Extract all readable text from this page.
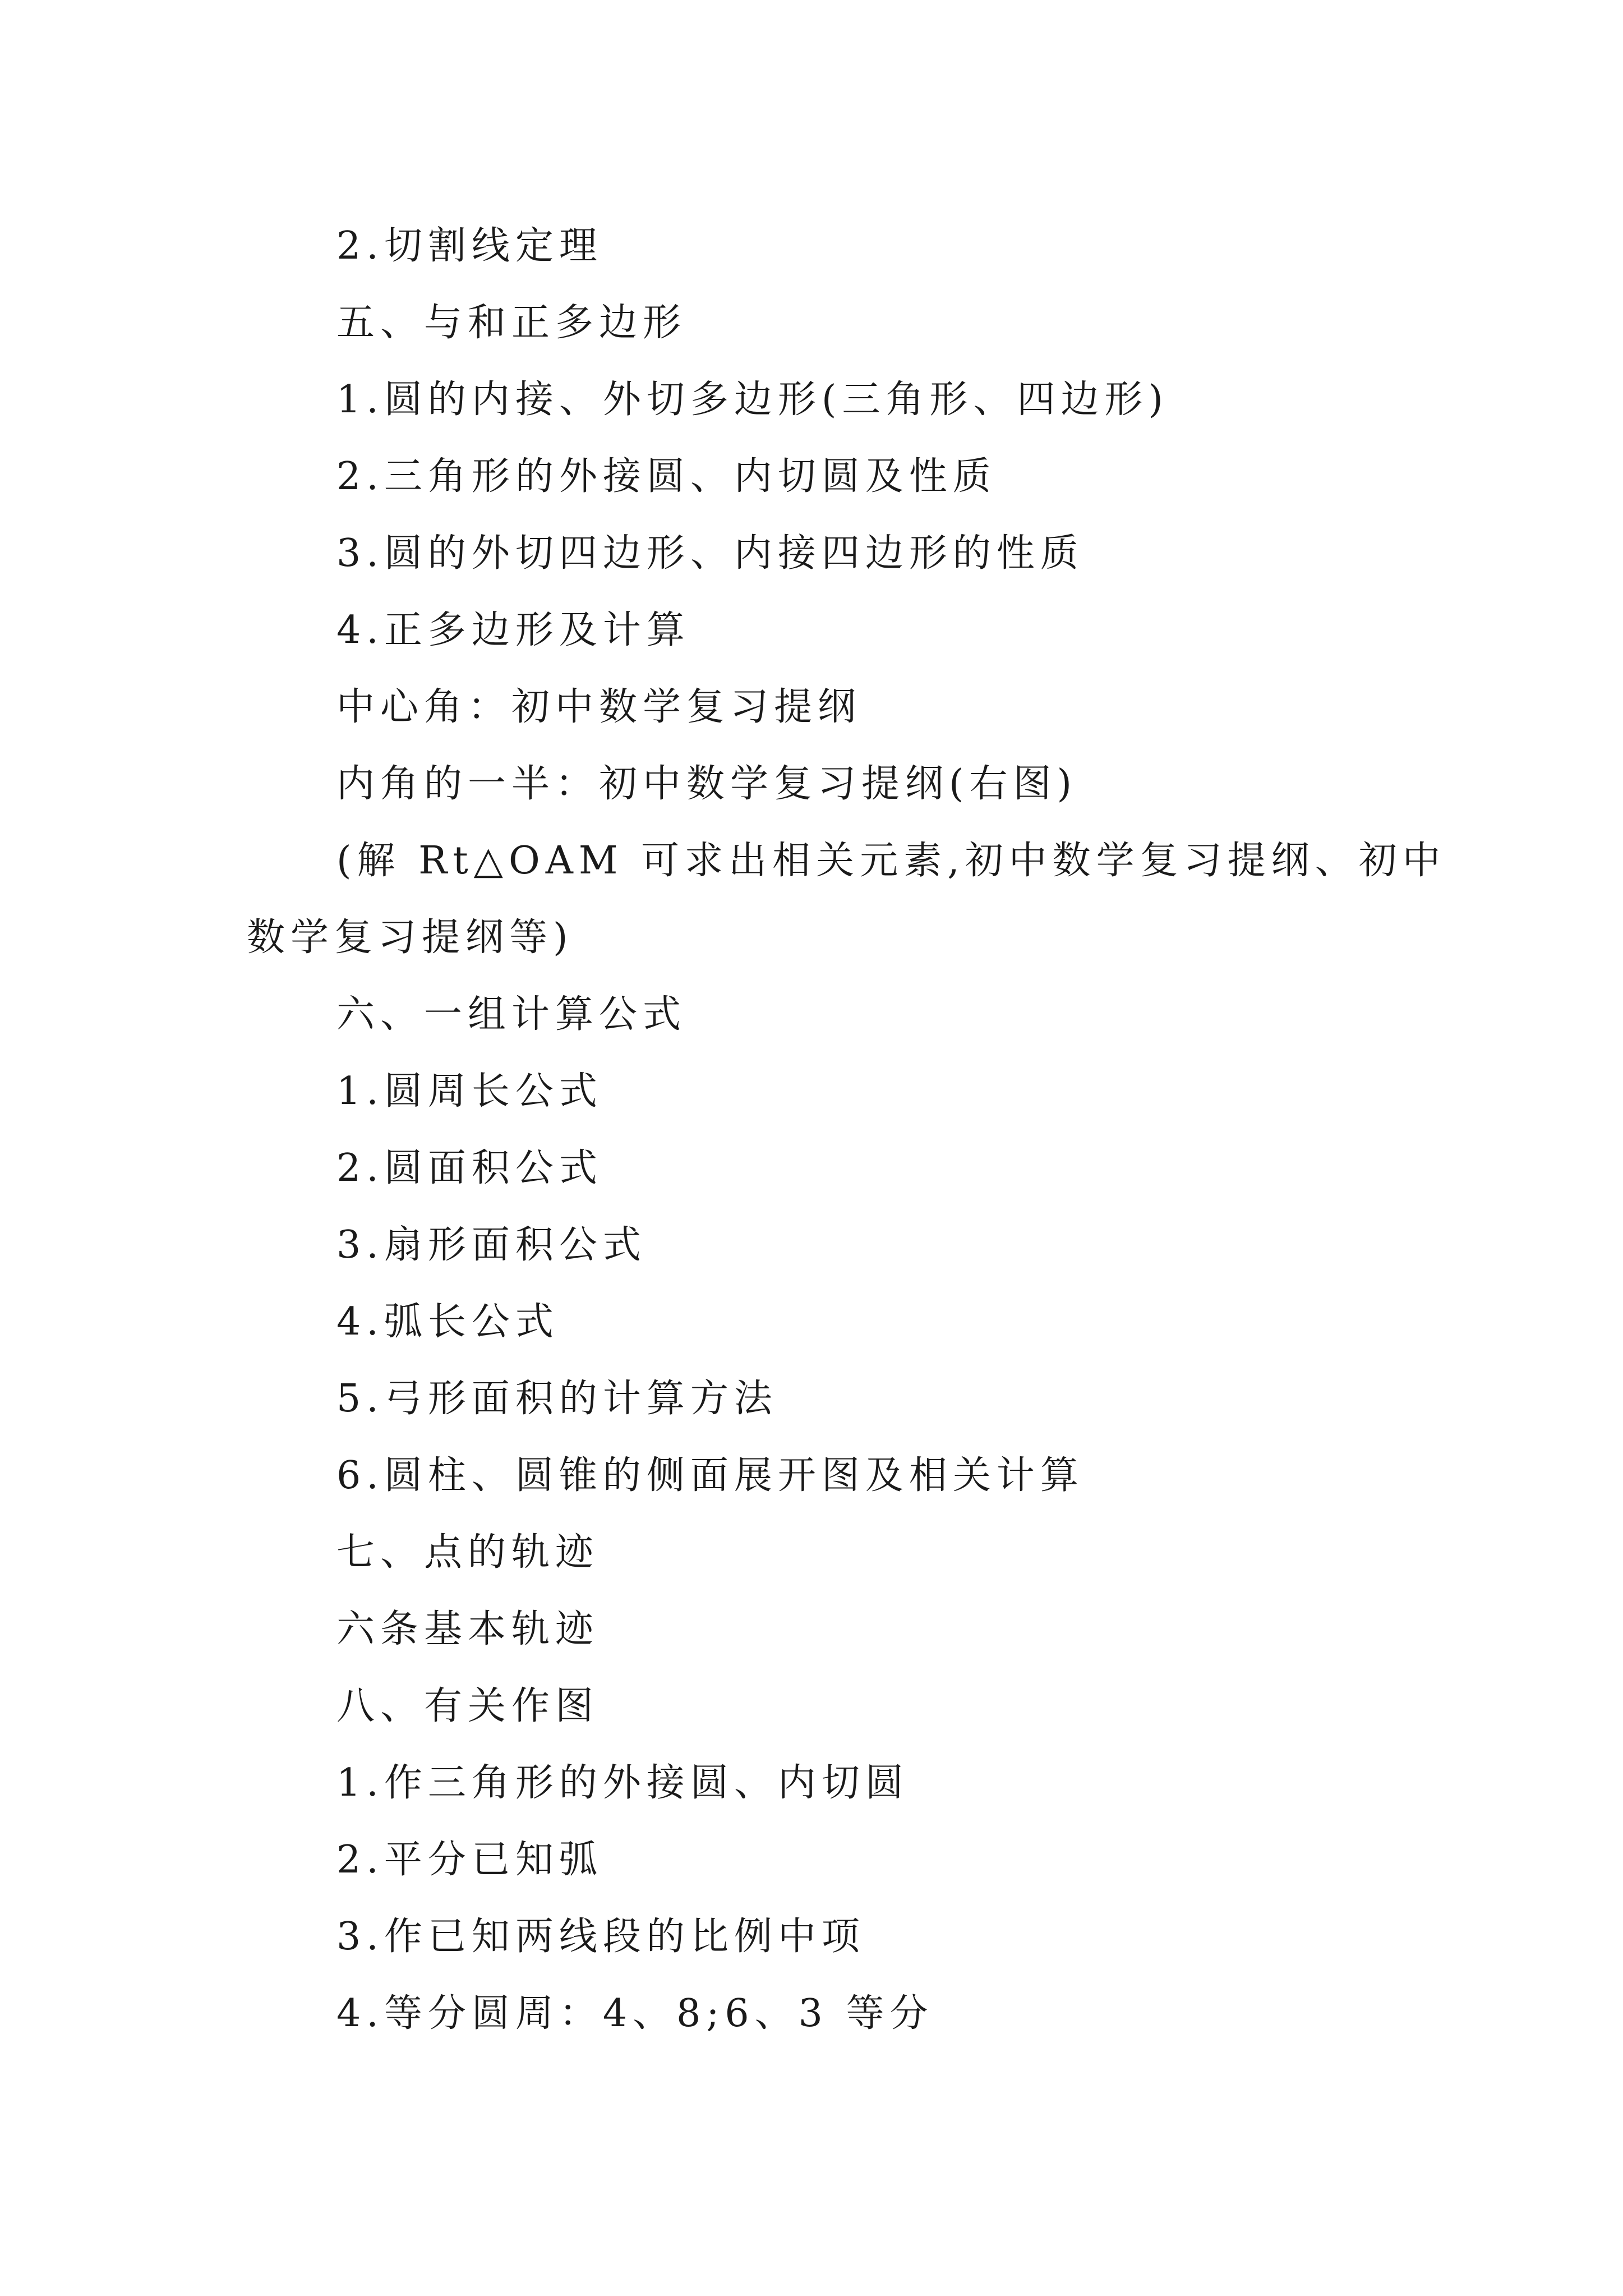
2.切割线定理
五、与和正多边形
1.圆的内接、外切多边形(三角形、四边形)
2.三角形的外接圆、内切圆及性质
3.圆的外切四边形、内接四边形的性质
4.正多边形及计算
中心角：初中数学复习提纲
内角的一半：初中数学复习提纲(右图)
(解 Rt△OAM 可求出相关元素,初中数学复习提纲、初中
数学复习提纲等)
六、一组计算公式
1.圆周长公式
2.圆面积公式
3.扇形面积公式
4.弧长公式
5.弓形面积的计算方法
6.圆柱、圆锥的侧面展开图及相关计算
七、点的轨迹
六条基本轨迹
八、有关作图
1.作三角形的外接圆、内切圆
2.平分已知弧
3.作已知两线段的比例中项
4.等分圆周：4、8;6、3 等分
